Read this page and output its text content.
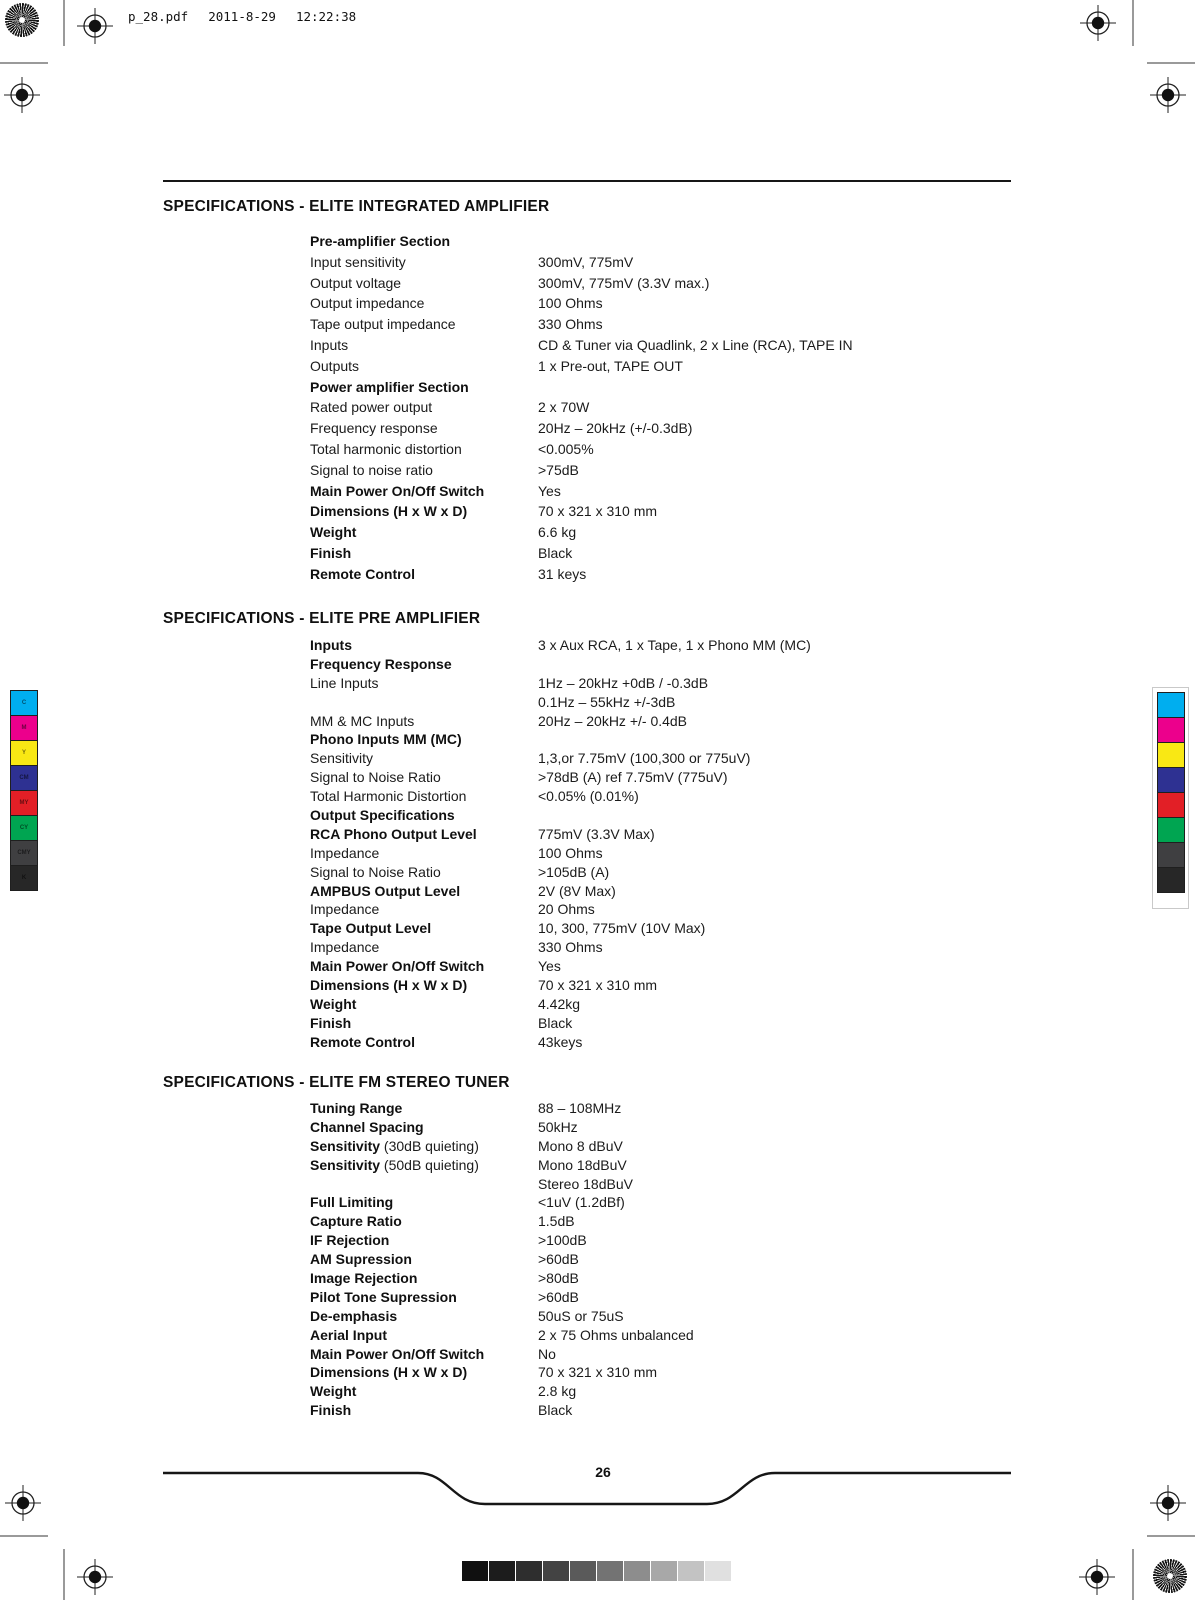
p_28.pdf 2011-8-29 12:22:38
C
M
Y
CM
MY
CY
CMY
K
SPECIFICATIONS - ELITE INTEGRATED AMPLIFIER
Pre-amplifier Section
Input sensitivity	300mV, 775mV
Output voltage	300mV, 775mV (3.3V max.)
Output impedance	100 Ohms
Tape output impedance	330 Ohms
Inputs	CD & Tuner via Quadlink, 2 x Line (RCA), TAPE IN
Outputs	1 x Pre-out, TAPE OUT
Power amplifier Section
Rated power output	2 x 70W
Frequency response	20Hz – 20kHz (+/-0.3dB)
Total harmonic distortion	<0.005%
Signal to noise ratio	>75dB
Main Power On/Off Switch	Yes
Dimensions (H x W x D)	70 x 321 x 310 mm
Weight	6.6 kg
Finish	Black
Remote Control	31 keys
SPECIFICATIONS - ELITE PRE AMPLIFIER
Inputs	3 x Aux RCA, 1 x Tape, 1 x Phono MM (MC)
Frequency Response
Line Inputs	1Hz – 20kHz +0dB / -0.3dB
0.1Hz – 55kHz +/-3dB
MM & MC Inputs	20Hz – 20kHz +/- 0.4dB
Phono Inputs MM (MC)
Sensitivity	1,3,or 7.75mV (100,300 or 775uV)
Signal to Noise Ratio	>78dB (A) ref 7.75mV (775uV)
Total Harmonic Distortion	<0.05% (0.01%)
Output Specifications
RCA Phono Output Level	775mV (3.3V Max)
Impedance	100 Ohms
Signal to Noise Ratio	>105dB (A)
AMPBUS Output Level	2V (8V Max)
Impedance	20 Ohms
Tape Output Level	10, 300, 775mV (10V Max)
Impedance	330 Ohms
Main Power On/Off Switch	Yes
Dimensions (H x W x D)	70 x 321 x 310 mm
Weight	4.42kg
Finish	Black
Remote Control	43keys
SPECIFICATIONS - ELITE FM STEREO TUNER
Tuning Range	88 – 108MHz
Channel Spacing	50kHz
Sensitivity (30dB quieting)	Mono 8 dBuV
Sensitivity (50dB quieting)	Mono 18dBuV
Stereo 18dBuV
Full Limiting	<1uV (1.2dBf)
Capture Ratio	1.5dB
IF Rejection	>100dB
AM Supression	>60dB
Image Rejection	>80dB
Pilot Tone Supression	>60dB
De-emphasis	50uS or 75uS
Aerial Input	2 x 75 Ohms unbalanced
Main Power On/Off Switch	No
Dimensions (H x W x D)	70 x 321 x 310 mm
Weight	2.8 kg
Finish	Black
26
